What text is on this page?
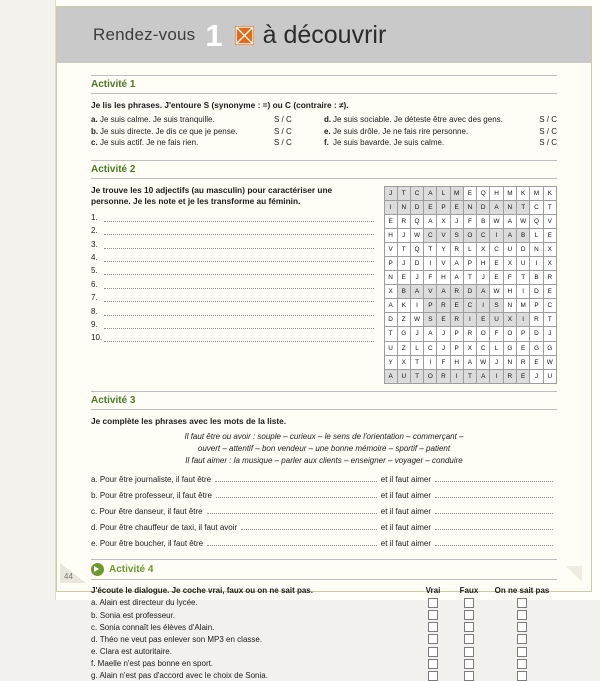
Rendez-vous 1 à découvrir
Activité 1
Je lis les phrases. J'entoure S (synonyme : =) ou C (contraire : ≠).
a. Je suis calme. Je suis tranquille.	S / C
b. Je suis directe. Je dis ce que je pense.	S / C
c. Je suis actif. Je ne fais rien.	S / C
d. Je suis sociable. Je déteste être avec des gens.	S / C
e. Je suis drôle. Je ne fais rire personne.	S / C
f. Je suis bavarde. Je suis calme.	S / C
Activité 2
Je trouve les 10 adjectifs (au masculin) pour caractériser une personne. Je les note et je les transforme au féminin.
1.
2.
3.
4.
5.
6.
7.
8.
9.
10.
J	T	C	A	L	M	E	Q	H	M	K	M	K
I	N	D	E	P	E	N	D	A	N	T	C	T
E	R	Q	A	X	J	F	B	W	A	W	Q	V
H	J	W	C	V	S	O	C	I	A	B	L	E
V	T	Q	T	Y	R	L	X	C	U	D	N	X
P	J	D	I	V	A	P	H	E	X	U	I	X
N	E	J	F	H	A	T	J	E	F	T	B	R
X	B	A	V	A	R	D	A	W	H	I	D	E
A	K	I	P	R	E	C	I	S	N	M	P	C
D	Z	W	S	E	R	I	E	U	X	I	R	T
T	G	J	A	J	P	R	O	F	O	P	D	J
U	Z	L	C	J	P	X	C	L	G	E	G	G
Y	X	T	I	F	H	A	W	J	N	R	E	W
A	U	T	O	R	I	T	A	I	R	E	J	U
Activité 3
Je complète les phrases avec les mots de la liste.
Il faut être ou avoir : souple – curieux – le sens de l'orientation – commerçant –
ouvert – attentif – bon vendeur – une bonne mémoire – sportif – patient
Il faut aimer : la musique – parler aux clients – enseigner – voyager – conduire
a. Pour être journaliste, il faut être	et il faut aimer
b. Pour être professeur, il faut être	et il faut aimer
c. Pour être danseur, il faut être	et il faut aimer
d. Pour être chauffeur de taxi, il faut avoir	et il faut aimer
e. Pour être boucher, il faut être	et il faut aimer
Activité 4
J'écoute le dialogue. Je coche vrai, faux ou on ne sait pas.	Vrai	Faux	On ne sait pas
a. Alain est directeur du lycée.
b. Sonia est professeur.
c. Sonia connaît les élèves d'Alain.
d. Théo ne veut pas enlever son MP3 en classe.
e. Clara est autoritaire.
f. Maelle n'est pas bonne en sport.
g. Alain n'est pas d'accord avec le choix de Sonia.
44
